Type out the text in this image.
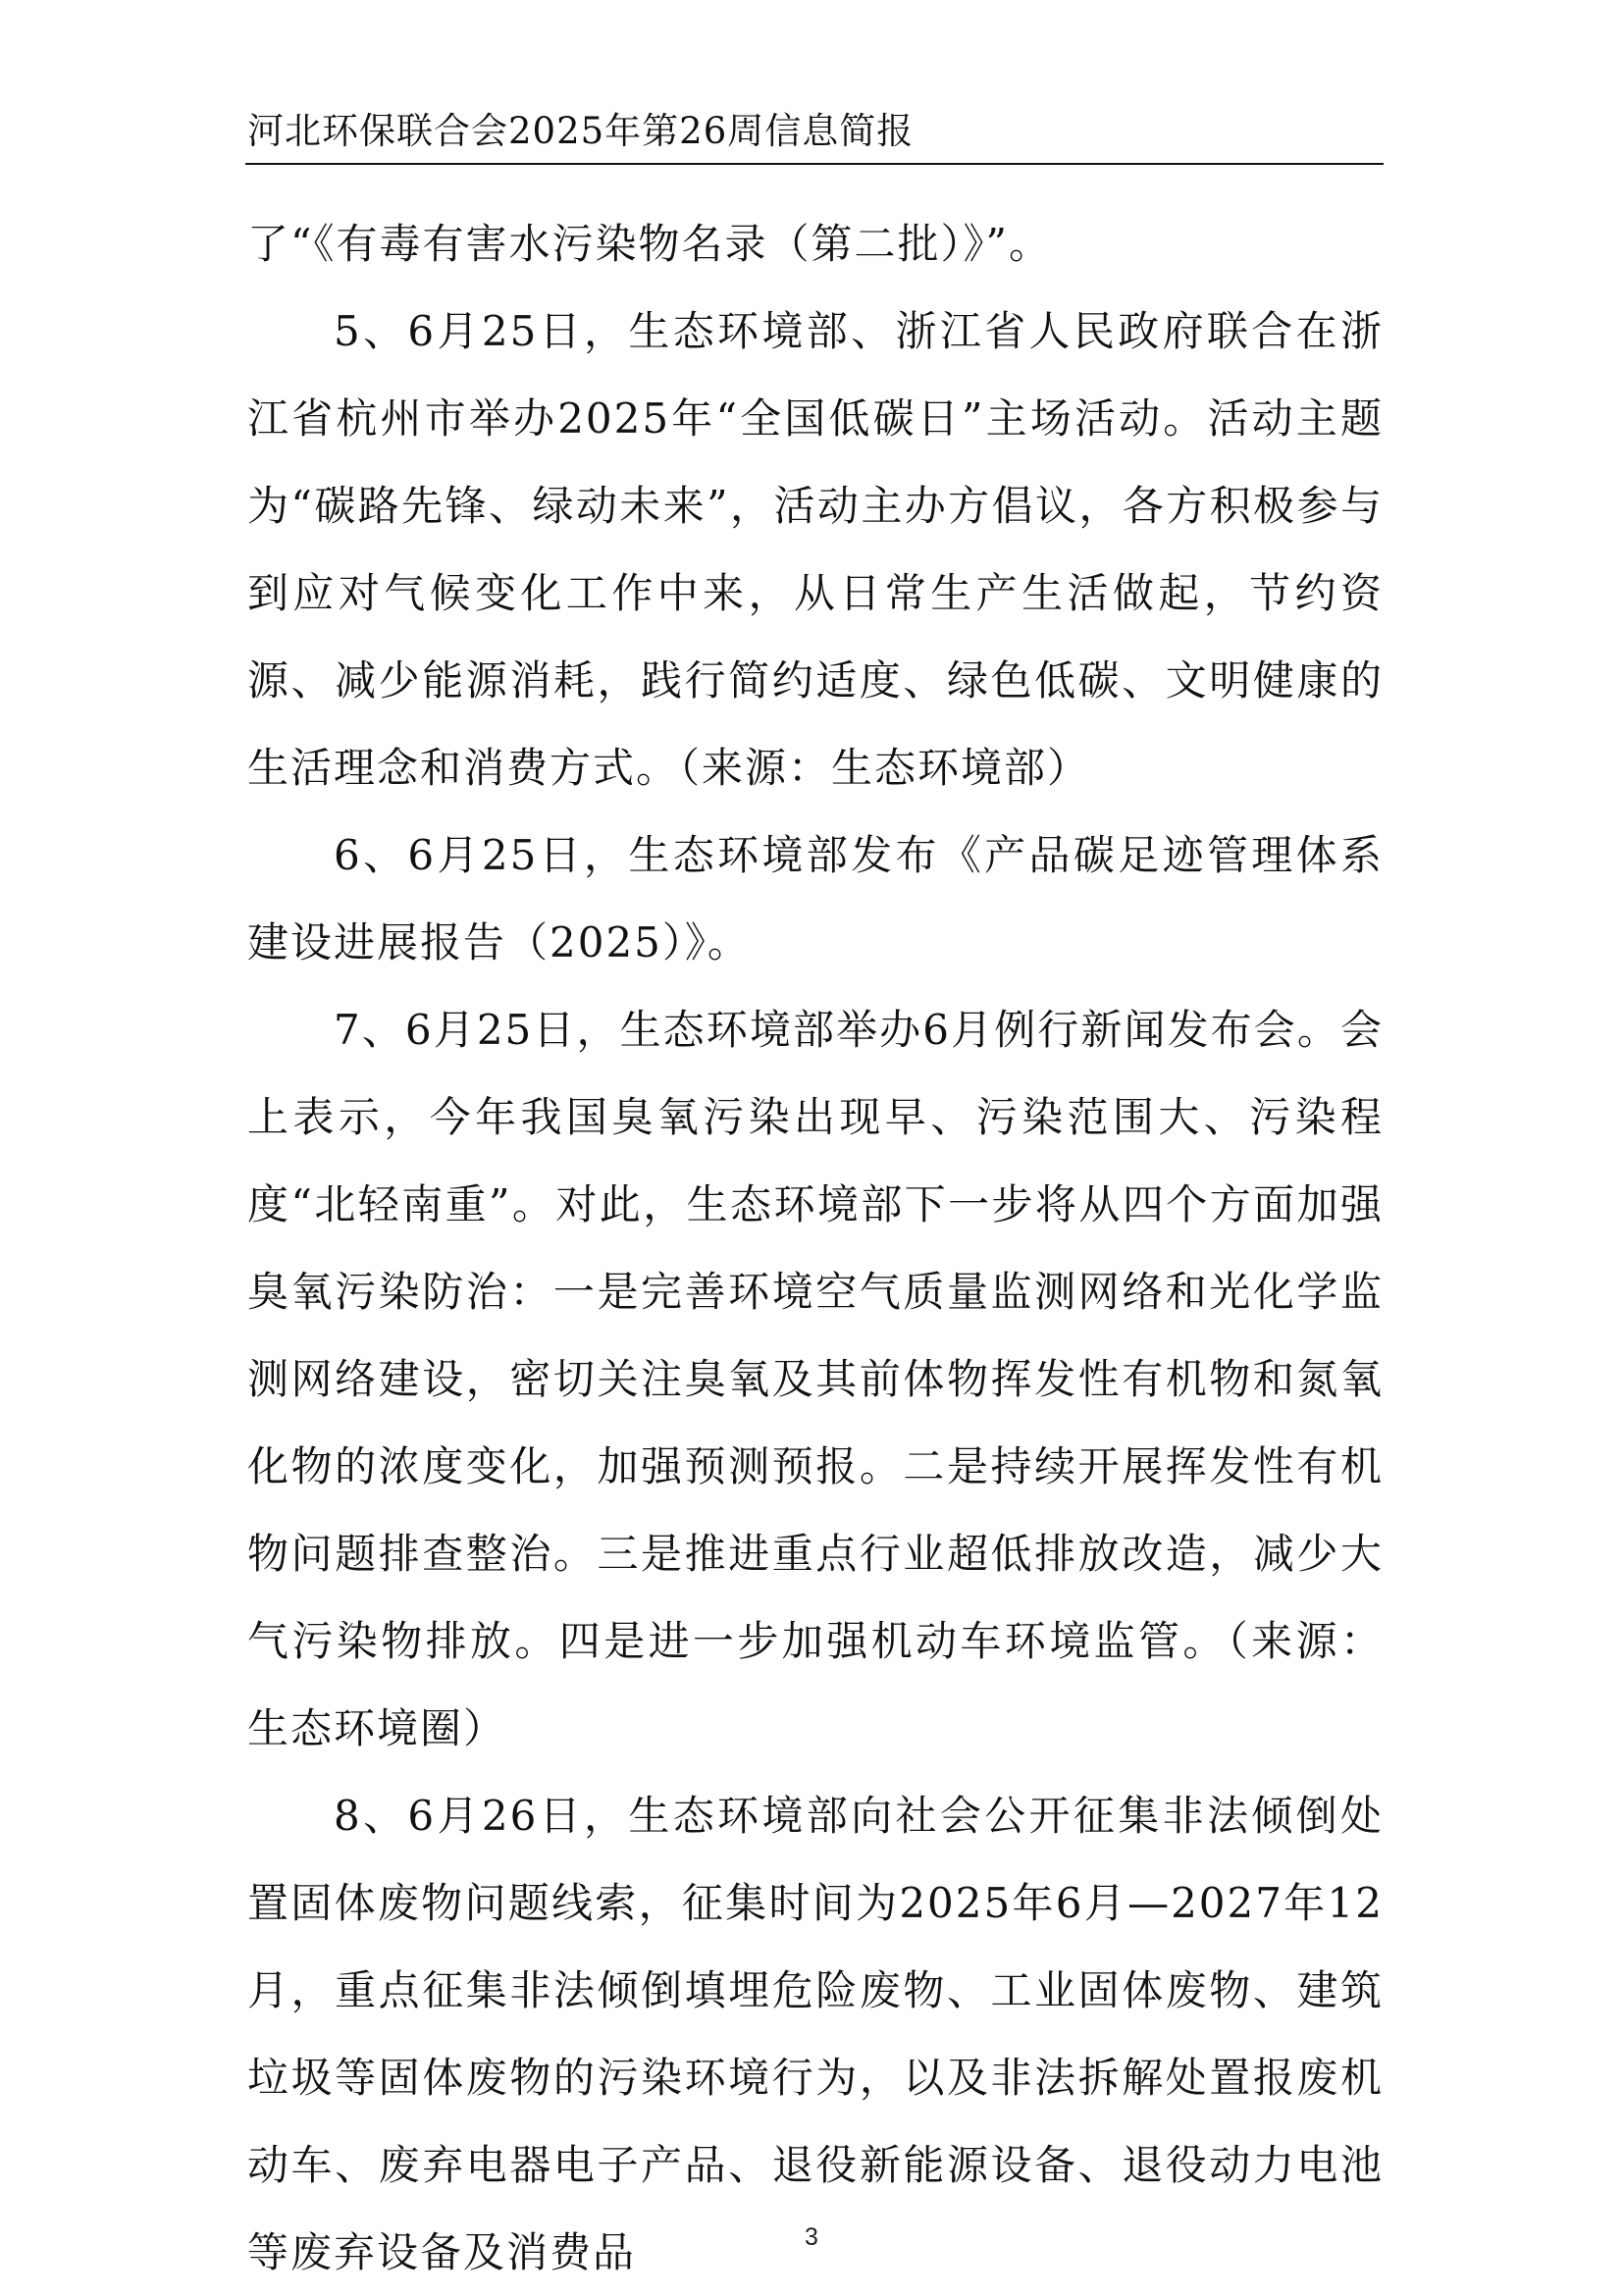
河北环保联合会2025年第26周信息简报

了“《有毒有害水污染物名录（第二批）》”。

5、6月25日，生态环境部、浙江省人民政府联合在浙江省杭州市举办2025年“全国低碳日”主场活动。活动主题为“碳路先锋、绿动未来”，活动主办方倡议，各方积极参与到应对气候变化工作中来，从日常生产生活做起，节约资源、减少能源消耗，践行简约适度、绿色低碳、文明健康的生活理念和消费方式。（来源：生态环境部）

6、6月25日，生态环境部发布《产品碳足迹管理体系建设进展报告（2025）》。

7、6月25日，生态环境部举办6月例行新闻发布会。会上表示，今年我国臭氧污染出现早、污染范围大、污染程度“北轻南重”。对此，生态环境部下一步将从四个方面加强臭氧污染防治：一是完善环境空气质量监测网络和光化学监测网络建设，密切关注臭氧及其前体物挥发性有机物和氮氧化物的浓度变化，加强预测预报。二是持续开展挥发性有机物问题排查整治。三是推进重点行业超低排放改造，减少大气污染物排放。四是进一步加强机动车环境监管。（来源：生态环境圈）

8、6月26日，生态环境部向社会公开征集非法倾倒处置固体废物问题线索，征集时间为2025年6月—2027年12月，重点征集非法倾倒填埋危险废物、工业固体废物、建筑垃圾等固体废物的污染环境行为，以及非法拆解处置报废机动车、废弃电器电子产品、退役新能源设备、退役动力电池等废弃设备及消费品	3
